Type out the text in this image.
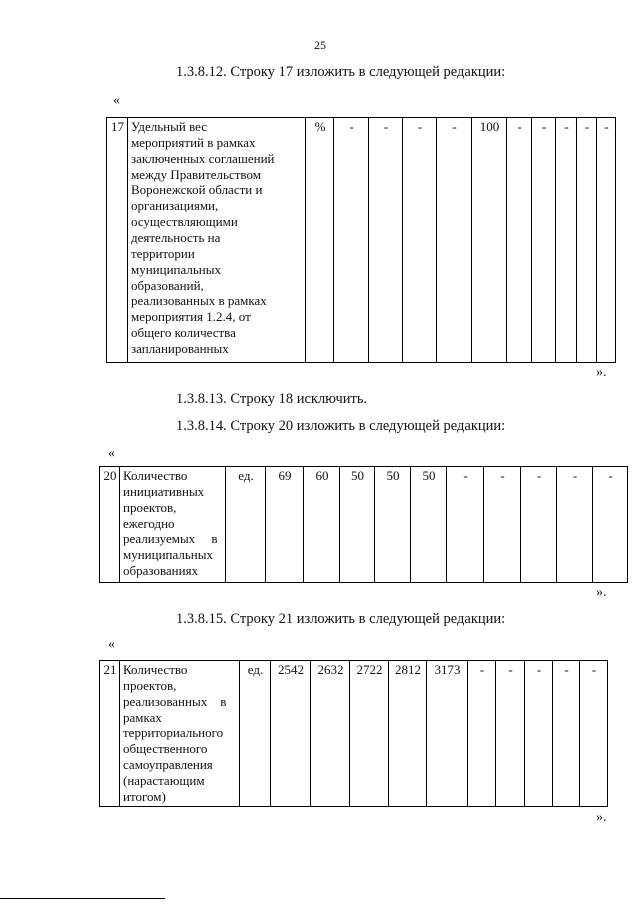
25
1.3.8.12. Строку 17 изложить в следующей редакции:
«
17	Удельный вес
мероприятий в рамках
заключенных соглашений
между Правительством
Воронежской области и
организациями,
осуществляющими
деятельность на
территории
муниципальных
образований,
реализованных в рамках
мероприятия 1.2.4, от
общего количества
запланированных
	%	-	-	-	-	100	-	-	-	-	-
».
1.3.8.13. Строку 18 исключить.
1.3.8.14. Строку 20 изложить в следующей редакции:
«
20	Количество
инициативных
проектов,
ежегодно
реализуемых     в
муниципальных
образованиях
	ед.	69	60	50	50	50	-	-	-	-	-
».
1.3.8.15. Строку 21 изложить в следующей редакции:
«
21	Количество
проектов,
реализованных    в
рамках
территориального
общественного
самоуправления
(нарастающим
итогом)
	ед.	2542	2632	2722	2812	3173	-	-	-	-	-
».
